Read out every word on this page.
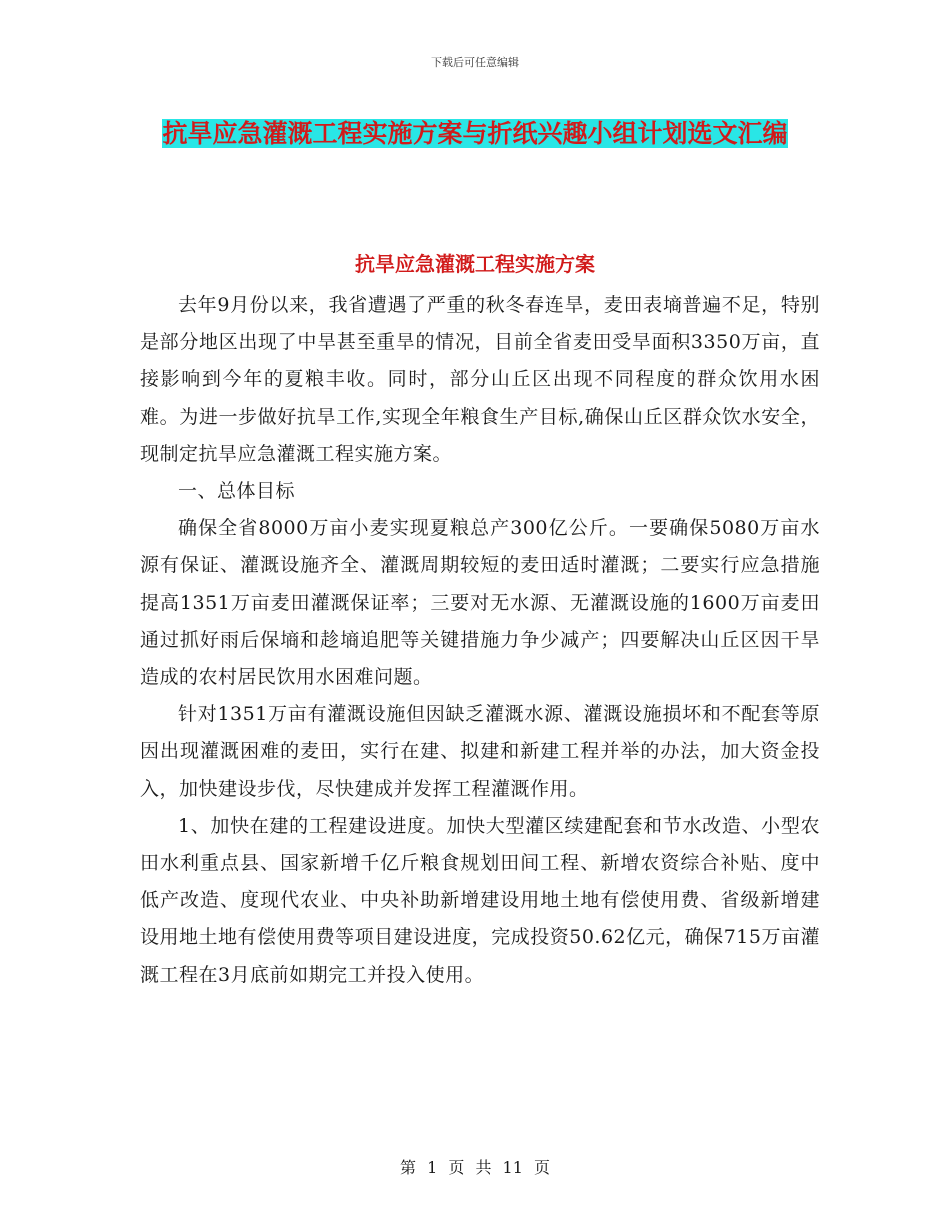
下载后可任意编辑
抗旱应急灌溉工程实施方案与折纸兴趣小组计划选文汇编
抗旱应急灌溉工程实施方案

去年9月份以来，我省遭遇了严重的秋冬春连旱，麦田表墒普遍不足，特别是部分地区出现了中旱甚至重旱的情况，目前全省麦田受旱面积3350万亩，直接影响到今年的夏粮丰收。同时，部分山丘区出现不同程度的群众饮用水困难。为进一步做好抗旱工作,实现全年粮食生产目标,确保山丘区群众饮水安全，现制定抗旱应急灌溉工程实施方案。

一、总体目标

确保全省8000万亩小麦实现夏粮总产300亿公斤。一要确保5080万亩水源有保证、灌溉设施齐全、灌溉周期较短的麦田适时灌溉；二要实行应急措施提高1351万亩麦田灌溉保证率；三要对无水源、无灌溉设施的1600万亩麦田通过抓好雨后保墒和趁墒追肥等关键措施力争少减产；四要解决山丘区因干旱造成的农村居民饮用水困难问题。

针对1351万亩有灌溉设施但因缺乏灌溉水源、灌溉设施损坏和不配套等原因出现灌溉困难的麦田，实行在建、拟建和新建工程并举的办法，加大资金投入，加快建设步伐，尽快建成并发挥工程灌溉作用。

1、加快在建的工程建设进度。加快大型灌区续建配套和节水改造、小型农田水利重点县、国家新增千亿斤粮食规划田间工程、新增农资综合补贴、度中低产改造、度现代农业、中央补助新增建设用地土地有偿使用费、省级新增建设用地土地有偿使用费等项目建设进度，完成投资50.62亿元，确保715万亩灌溉工程在3月底前如期完工并投入使用。

第 1 页 共 11 页
